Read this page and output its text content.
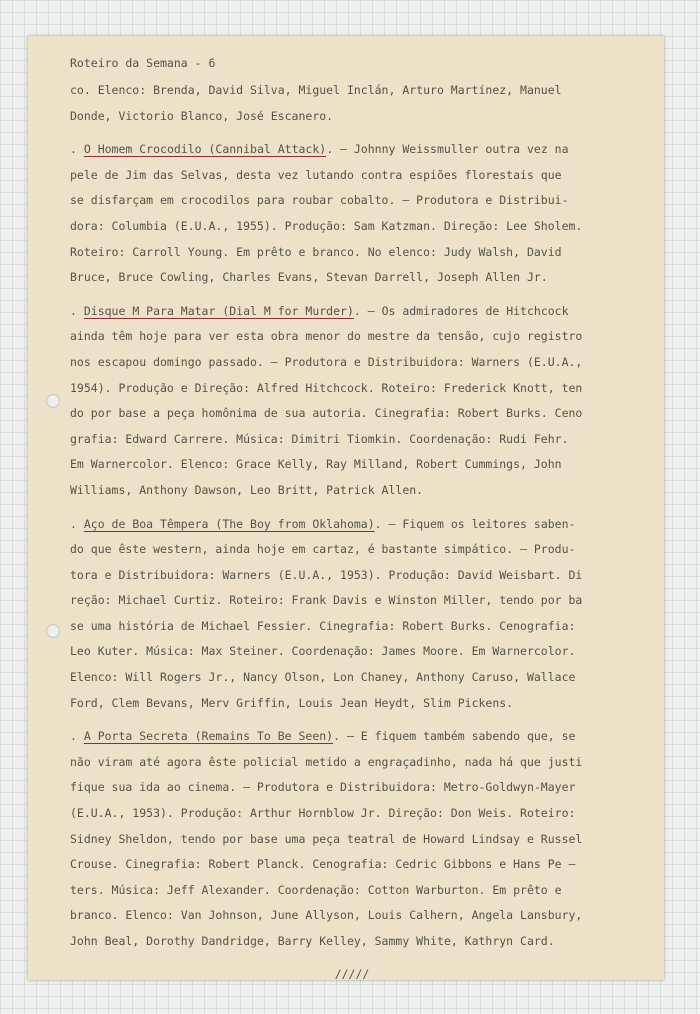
Roteiro da Semana - 6
co. Elenco: Brenda, David Silva, Miguel Inclán, Arturo Martínez, Manuel
Donde, Victorio Blanco, José Escanero.
. O Homem Crocodilo (Cannibal Attack). — Johnny Weissmuller outra vez na
pele de Jim das Selvas, desta vez lutando contra espiões florestais que
se disfarçam em crocodilos para roubar cobalto. — Produtora e Distribui-
dora: Columbia (E.U.A., 1955). Produção: Sam Katzman. Direção: Lee Sholem.
Roteiro: Carroll Young. Em prêto e branco. No elenco: Judy Walsh, David
Bruce, Bruce Cowling, Charles Evans, Stevan Darrell, Joseph Allen Jr.
. Disque M Para Matar (Dial M for Murder). — Os admiradores de Hitchcock
ainda têm hoje para ver esta obra menor do mestre da tensão, cujo registro
nos escapou domingo passado. — Produtora e Distribuidora: Warners (E.U.A.,
1954). Produção e Direção: Alfred Hitchcock. Roteiro: Frederick Knott, ten
do por base a peça homônima de sua autoria. Cinegrafia: Robert Burks. Ceno
grafia: Edward Carrere. Música: Dimitri Tiomkin. Coordenação: Rudi Fehr.
Em Warnercolor. Elenco: Grace Kelly, Ray Milland, Robert Cummings, John
Williams, Anthony Dawson, Leo Britt, Patrick Allen.
. Aço de Boa Têmpera (The Boy from Oklahoma). — Fiquem os leitores saben-
do que êste western, ainda hoje em cartaz, é bastante simpático. — Produ-
tora e Distribuidora: Warners (E.U.A., 1953). Produção: David Weisbart. Di
reção: Michael Curtiz. Roteiro: Frank Davis e Winston Miller, tendo por ba
se uma história de Michael Fessier. Cinegrafia: Robert Burks. Cenografia:
Leo Kuter. Música: Max Steiner. Coordenação: James Moore. Em Warnercolor.
Elenco: Will Rogers Jr., Nancy Olson, Lon Chaney, Anthony Caruso, Wallace
Ford, Clem Bevans, Merv Griffin, Louis Jean Heydt, Slim Pickens.
. A Porta Secreta (Remains To Be Seen). — E fiquem também sabendo que, se
não viram até agora êste policial metido a engraçadinho, nada há que justi
fique sua ida ao cinema. — Produtora e Distribuidora: Metro-Goldwyn-Mayer
(E.U.A., 1953). Produção: Arthur Hornblow Jr. Direção: Don Weis. Roteiro:
Sidney Sheldon, tendo por base uma peça teatral de Howard Lindsay e Russel
Crouse. Cinegrafia: Robert Planck. Cenografia: Cedric Gibbons e Hans Pe —
ters. Música: Jeff Alexander. Coordenação: Cotton Warburton. Em prêto e
branco. Elenco: Van Johnson, June Allyson, Louis Calhern, Angela Lansbury,
John Beal, Dorothy Dandridge, Barry Kelley, Sammy White, Kathryn Card.
/////
